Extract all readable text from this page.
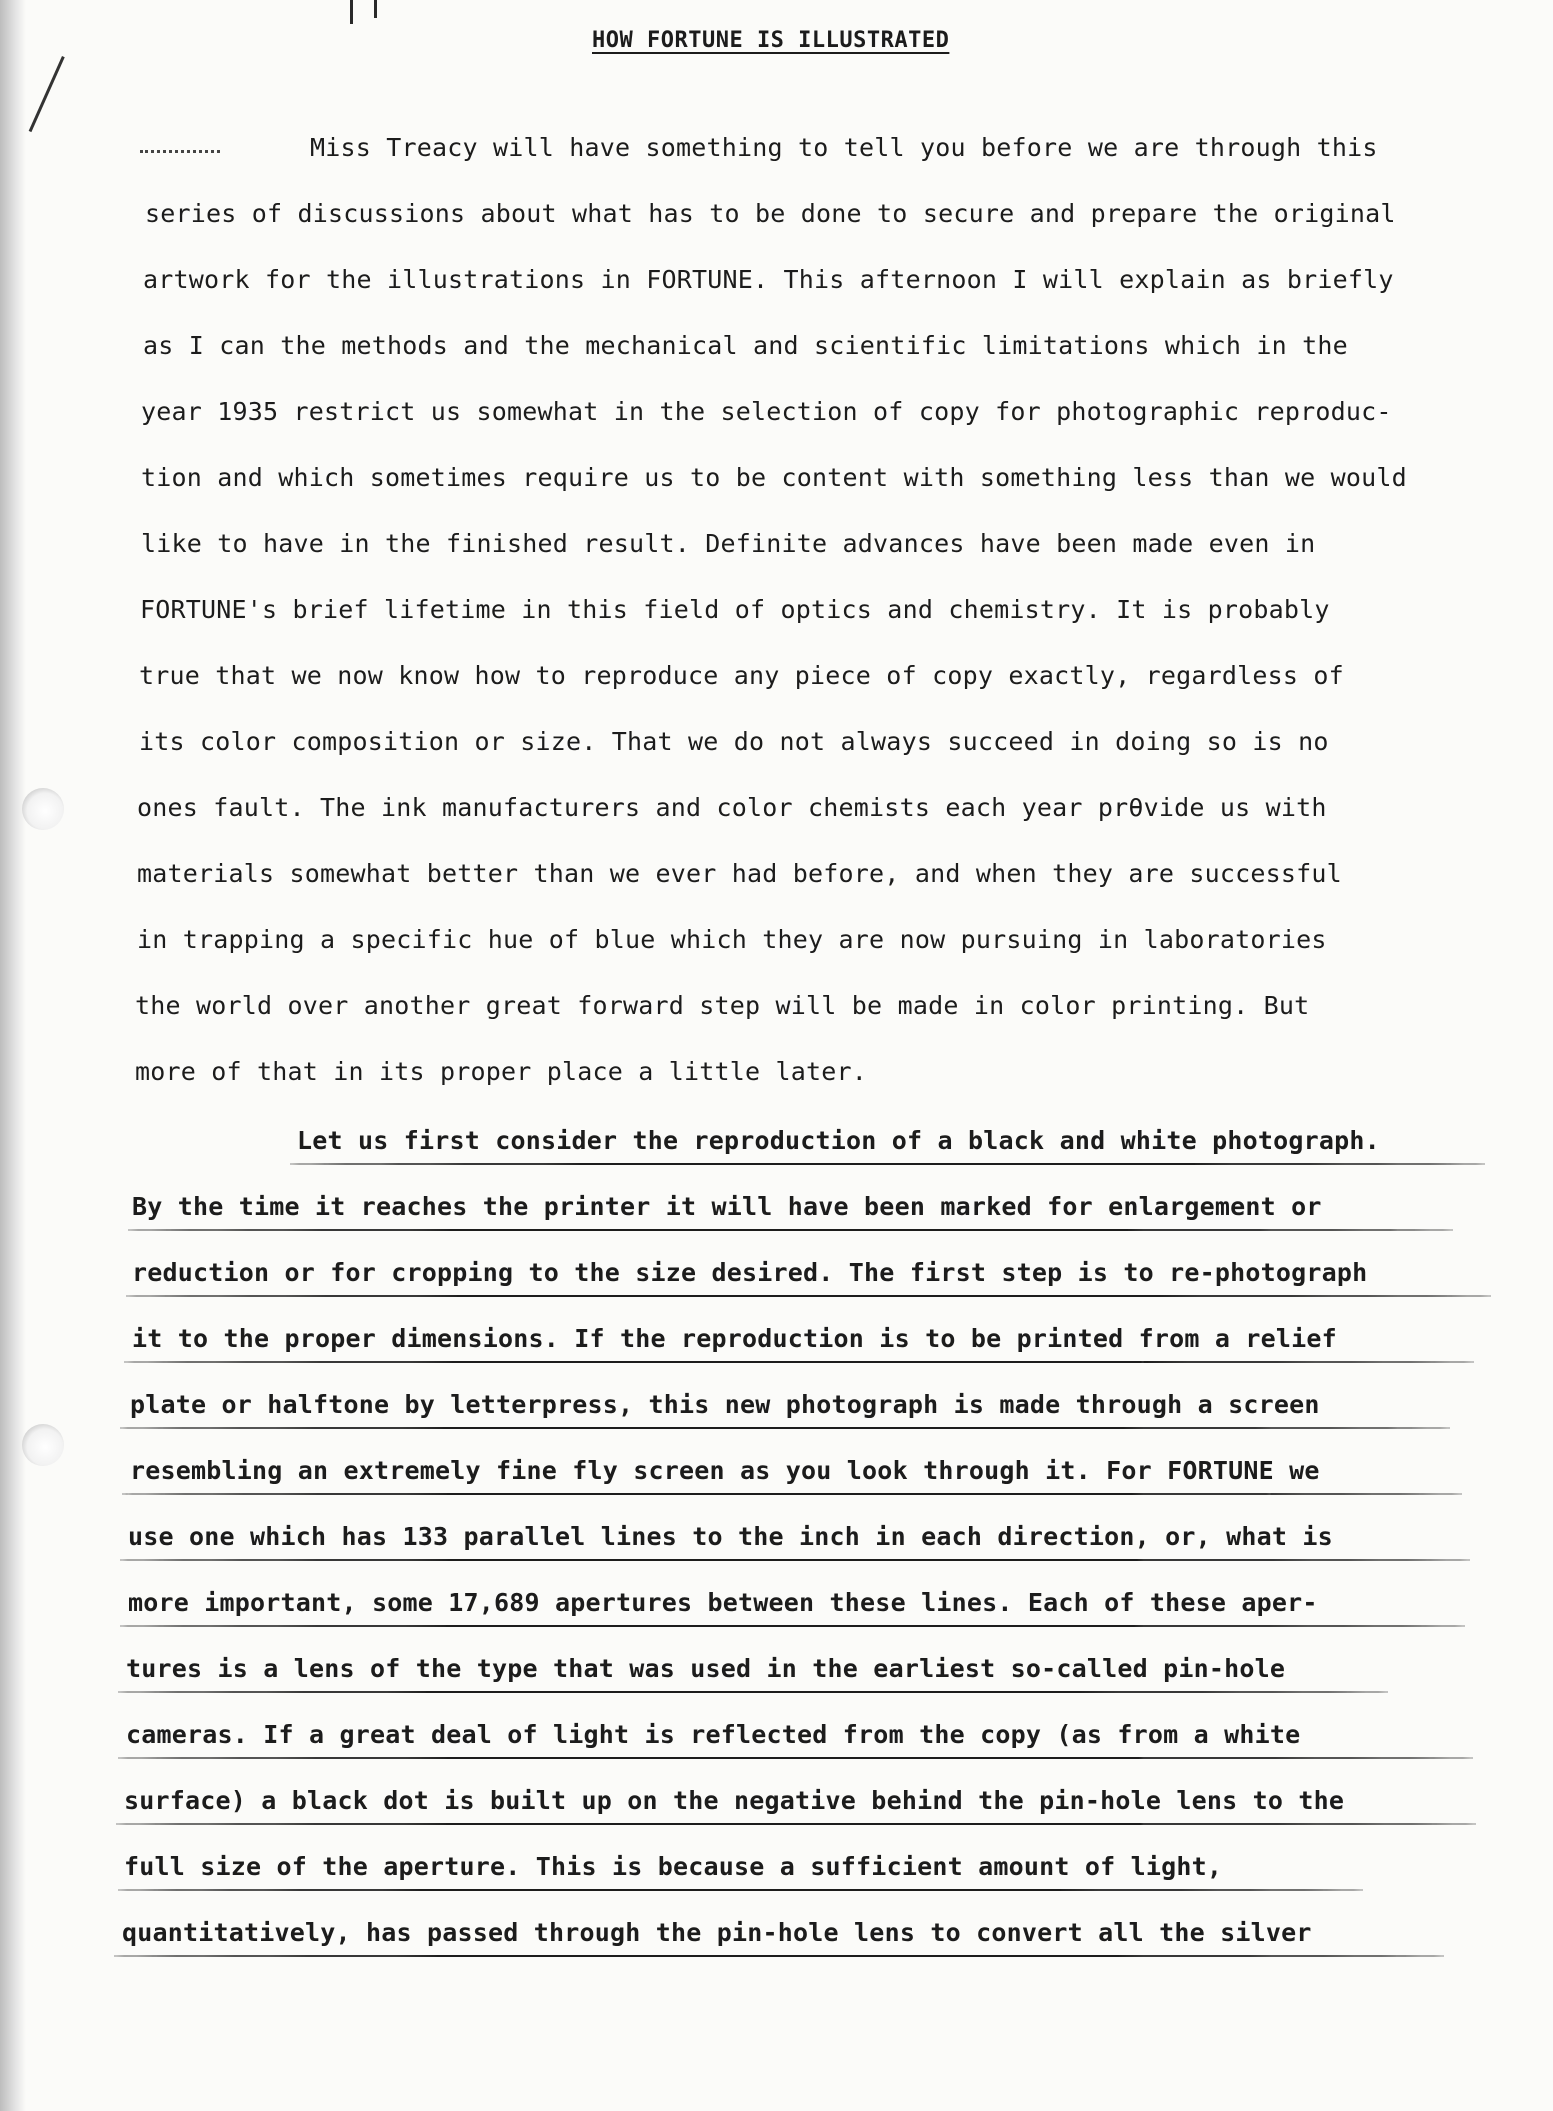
HOW FORTUNE IS ILLUSTRATED
Miss Treacy will have something to tell you before we are through this
series of discussions about what has to be done to secure and prepare the original
artwork for the illustrations in FORTUNE. This afternoon I will explain as briefly
as I can the methods and the mechanical and scientific limitations which in the
year 1935 restrict us somewhat in the selection of copy for photographic reproduc-
tion and which sometimes require us to be content with something less than we would
like to have in the finished result. Definite advances have been made even in
FORTUNE's brief lifetime in this field of optics and chemistry. It is probably
true that we now know how to reproduce any piece of copy exactly, regardless of
its color composition or size. That we do not always succeed in doing so is no
ones fault. The ink manufacturers and color chemists each year prθvide us with
materials somewhat better than we ever had before, and when they are successful
in trapping a specific hue of blue which they are now pursuing in laboratories
the world over another great forward step will be made in color printing. But
more of that in its proper place a little later.
Let us first consider the reproduction of a black and white photograph.
By the time it reaches the printer it will have been marked for enlargement or
reduction or for cropping to the size desired. The first step is to re-photograph
it to the proper dimensions. If the reproduction is to be printed from a relief
plate or halftone by letterpress, this new photograph is made through a screen
resembling an extremely fine fly screen as you look through it. For FORTUNE we
use one which has 133 parallel lines to the inch in each direction, or, what is
more important, some 17,689 apertures between these lines. Each of these aper-
tures is a lens of the type that was used in the earliest so-called pin-hole
cameras. If a great deal of light is reflected from the copy (as from a white
surface) a black dot is built up on the negative behind the pin-hole lens to the
full size of the aperture. This is because a sufficient amount of light,
quantitatively, has passed through the pin-hole lens to convert all the silver
